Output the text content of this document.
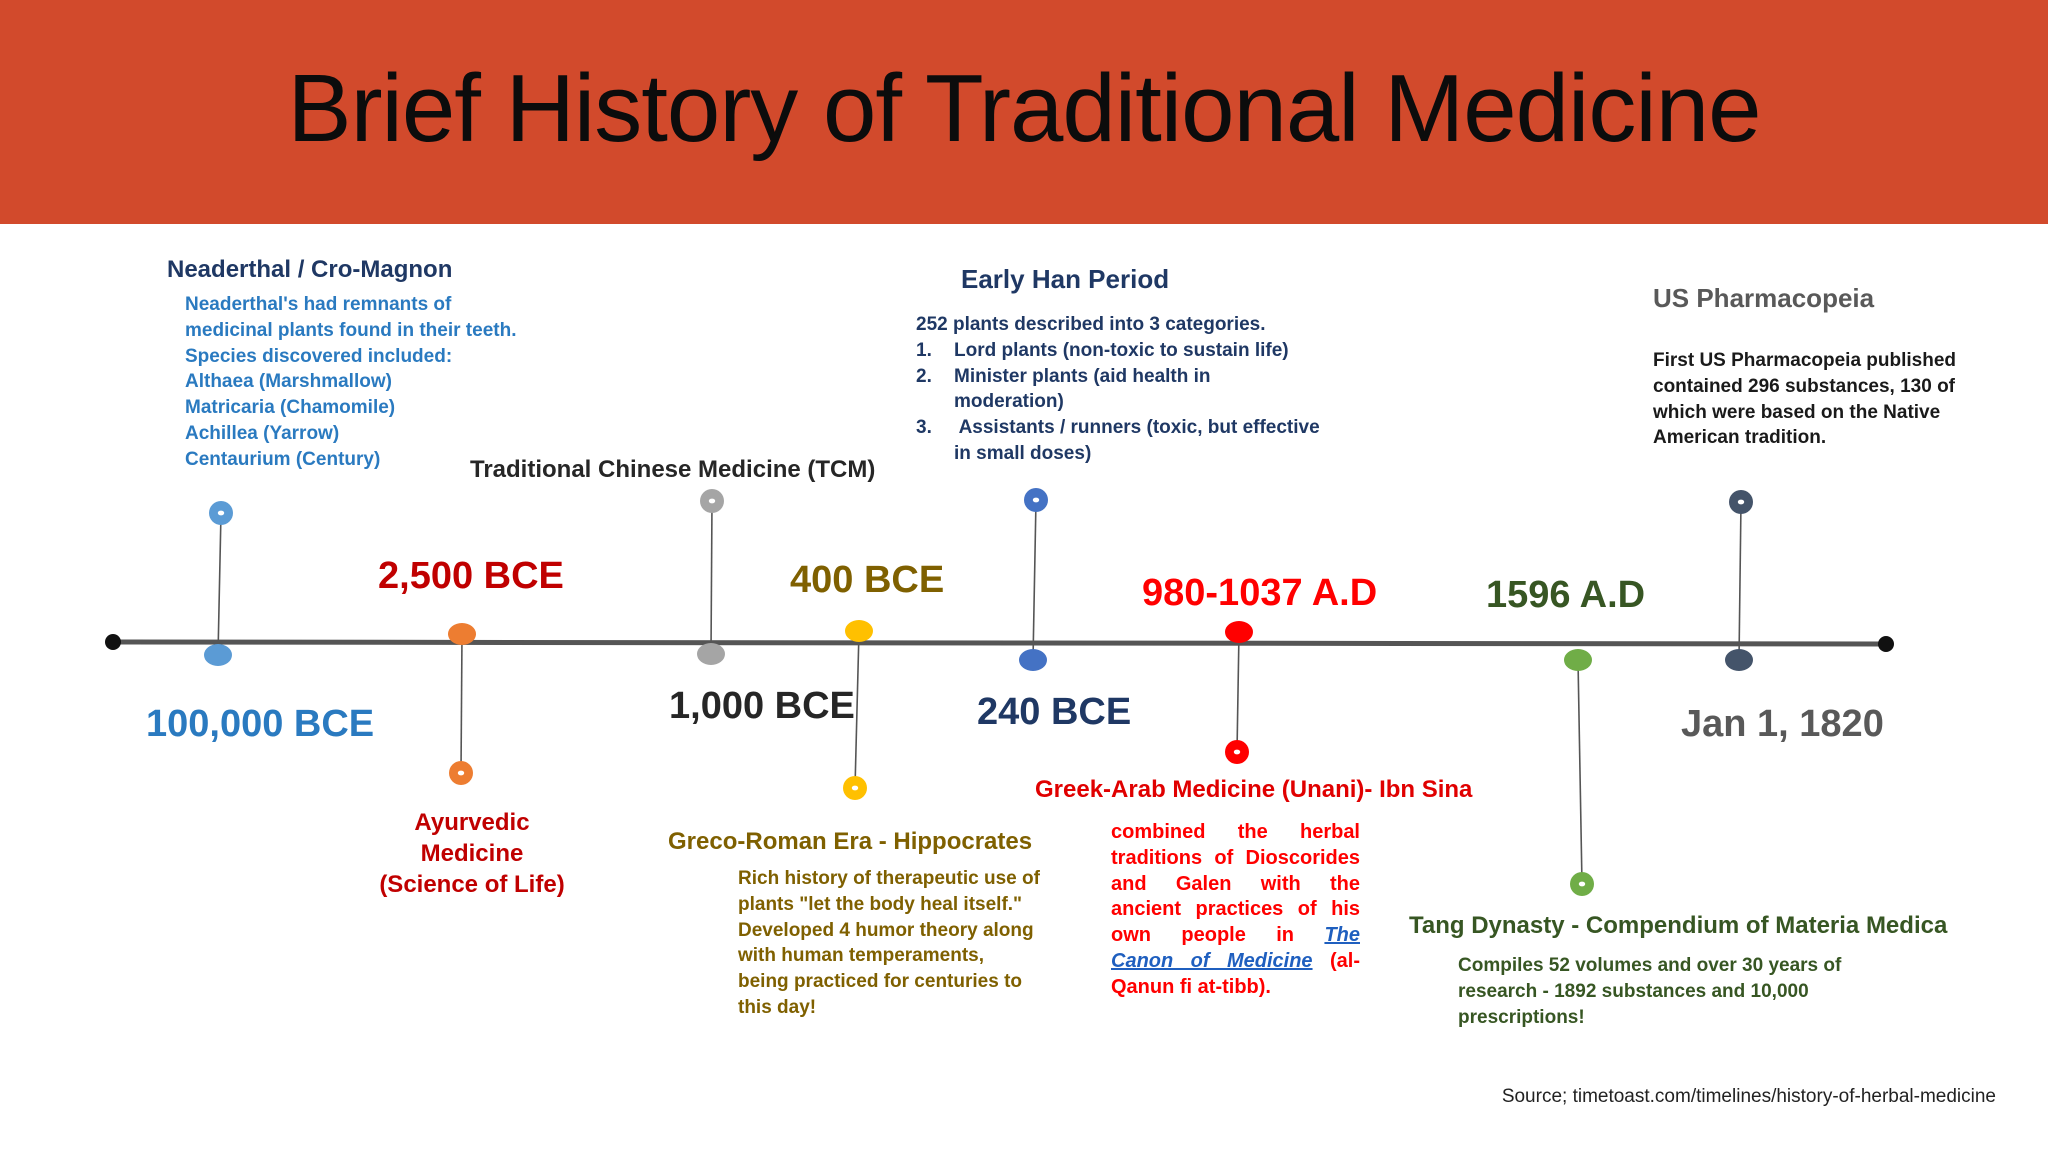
Brief History of Traditional Medicine
Neaderthal / Cro-Magnon
Neaderthal's had remnants of
medicinal plants found in their teeth.
Species discovered included:
Althaea (Marshmallow)
Matricaria (Chamomile)
Achillea (Yarrow)
Centaurium (Century)
100,000 BCE
2,500 BCE
Ayurvedic Medicine
(Science of Life)
Traditional Chinese Medicine (TCM)
1,000 BCE
400 BCE
Greco-Roman Era - Hippocrates
Rich history of therapeutic use of
plants "let the body heal itself."
Developed 4 humor theory along
with human temperaments,
being practiced for centuries to
this day!
Early Han Period
252 plants described into 3 categories.
1.	Lord plants (non-toxic to sustain life)
2.	Minister plants (aid health in
moderation)
3.	Assistants / runners (toxic, but effective
in small doses)
240 BCE
980-1037 A.D
Greek-Arab Medicine (Unani)- Ibn Sina
combined the herbal
traditions of Dioscorides
and Galen with the
ancient practices of his
own people in The
Canon of Medicine (al-
Qanun fi at-tibb).
1596 A.D
Tang Dynasty - Compendium of Materia Medica
Compiles 52 volumes and over 30 years of
research - 1892 substances and 10,000
prescriptions!
US Pharmacopeia
First US Pharmacopeia published
contained 296 substances, 130 of
which were based on the Native
American tradition.
Jan 1, 1820
Source; timetoast.com/timelines/history-of-herbal-medicine
